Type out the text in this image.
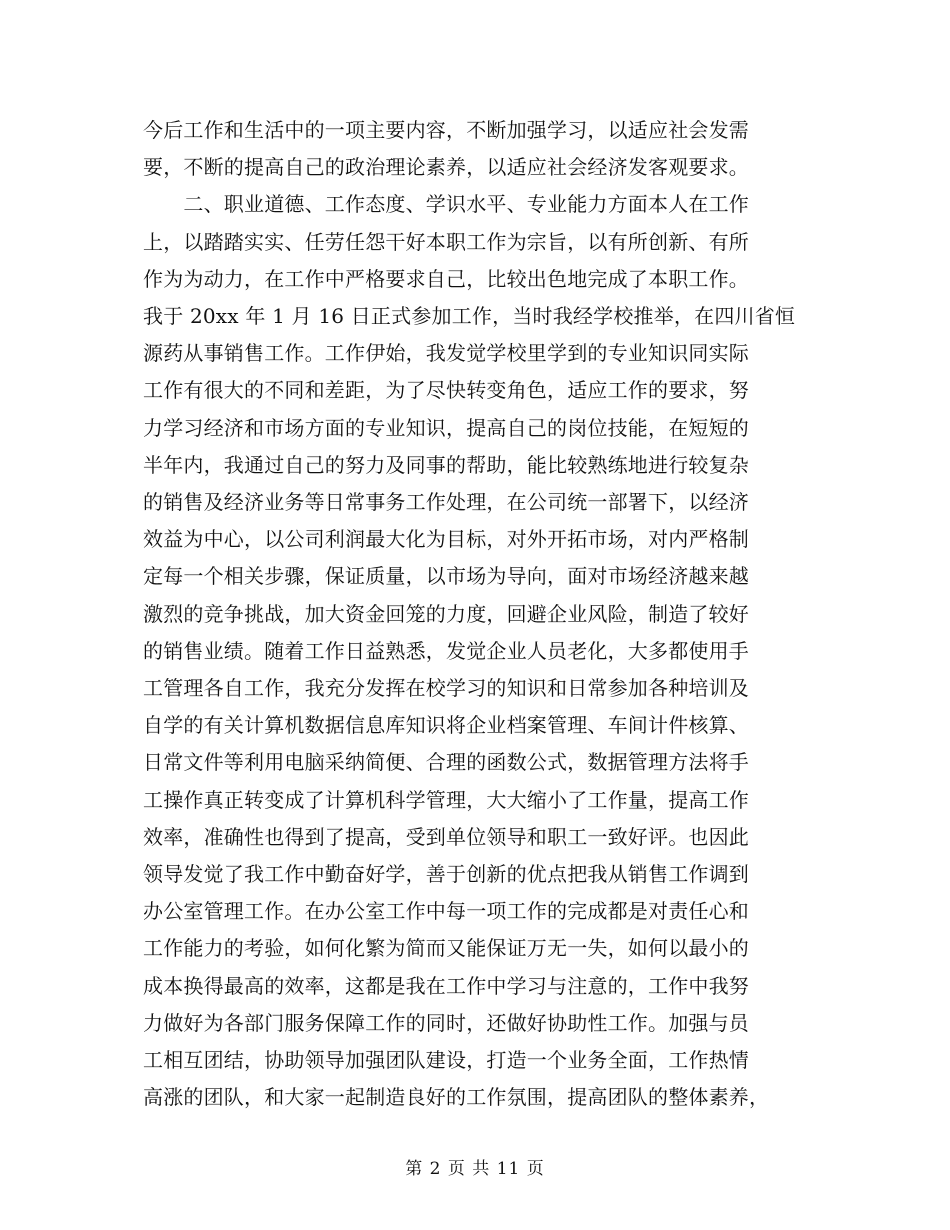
今后工作和生活中的一项主要内容，不断加强学习，以适应社会发需
要，不断的提高自己的政治理论素养，以适应社会经济发客观要求。
　　二、职业道德、工作态度、学识水平、专业能力方面本人在工作
上，以踏踏实实、任劳任怨干好本职工作为宗旨，以有所创新、有所
作为为动力，在工作中严格要求自己，比较出色地完成了本职工作。
我于 20xx 年 1 月 16 日正式参加工作，当时我经学校推举，在四川省恒
源药从事销售工作。工作伊始，我发觉学校里学到的专业知识同实际
工作有很大的不同和差距，为了尽快转变角色，适应工作的要求，努
力学习经济和市场方面的专业知识，提高自己的岗位技能，在短短的
半年内，我通过自己的努力及同事的帮助，能比较熟练地进行较复杂
的销售及经济业务等日常事务工作处理，在公司统一部署下，以经济
效益为中心，以公司利润最大化为目标，对外开拓市场，对内严格制
定每一个相关步骤，保证质量，以市场为导向，面对市场经济越来越
激烈的竞争挑战，加大资金回笼的力度，回避企业风险，制造了较好
的销售业绩。随着工作日益熟悉，发觉企业人员老化，大多都使用手
工管理各自工作，我充分发挥在校学习的知识和日常参加各种培训及
自学的有关计算机数据信息库知识将企业档案管理、车间计件核算、
日常文件等利用电脑采纳简便、合理的函数公式，数据管理方法将手
工操作真正转变成了计算机科学管理，大大缩小了工作量，提高工作
效率，准确性也得到了提高，受到单位领导和职工一致好评。也因此
领导发觉了我工作中勤奋好学，善于创新的优点把我从销售工作调到
办公室管理工作。在办公室工作中每一项工作的完成都是对责任心和
工作能力的考验，如何化繁为简而又能保证万无一失，如何以最小的
成本换得最高的效率，这都是我在工作中学习与注意的，工作中我努
力做好为各部门服务保障工作的同时，还做好协助性工作。加强与员
工相互团结，协助领导加强团队建设，打造一个业务全面，工作热情
高涨的团队，和大家一起制造良好的工作氛围，提高团队的整体素养，
第 2 页 共 11 页
